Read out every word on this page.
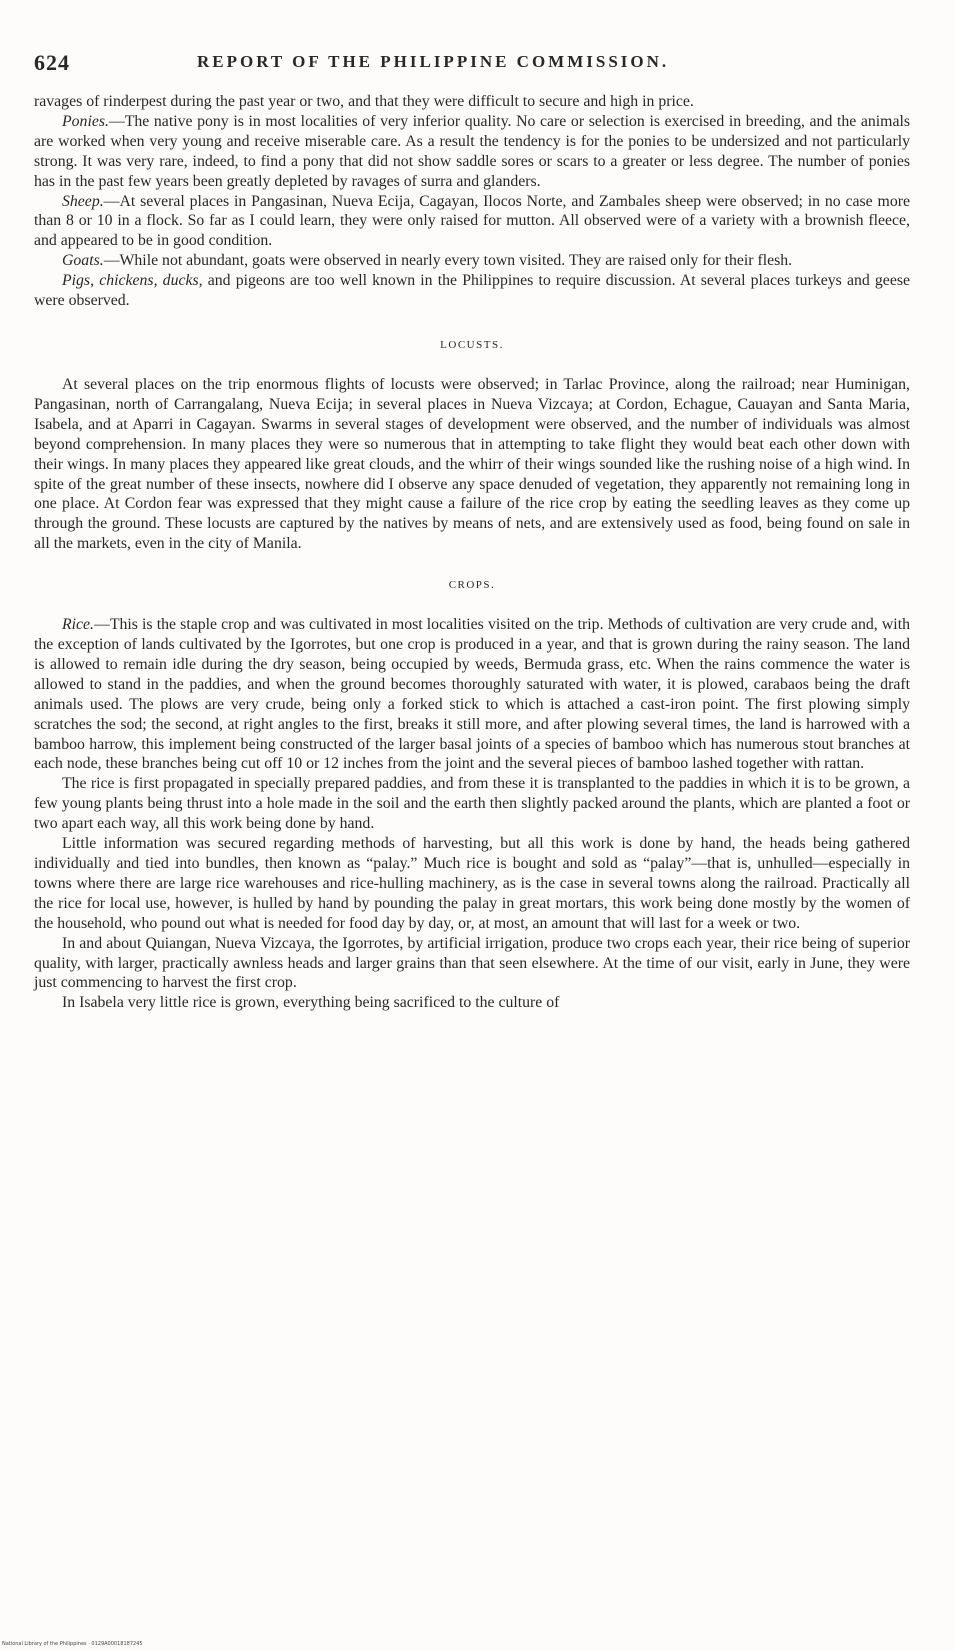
624	REPORT OF THE PHILIPPINE COMMISSION.

ravages of rinderpest during the past year or two, and that they were difficult to secure and high in price.

Ponies.—The native pony is in most localities of very inferior quality. No care or selection is exercised in breeding, and the animals are worked when very young and receive miserable care. As a result the tendency is for the ponies to be undersized and not particularly strong. It was very rare, indeed, to find a pony that did not show saddle sores or scars to a greater or less degree. The number of ponies has in the past few years been greatly depleted by ravages of surra and glanders.

Sheep.—At several places in Pangasinan, Nueva Ecija, Cagayan, Ilocos Norte, and Zambales sheep were observed; in no case more than 8 or 10 in a flock. So far as I could learn, they were only raised for mutton. All observed were of a variety with a brownish fleece, and appeared to be in good condition.

Goats.—While not abundant, goats were observed in nearly every town visited. They are raised only for their flesh.

Pigs, chickens, ducks, and pigeons are too well known in the Philippines to require discussion. At several places turkeys and geese were observed.

LOCUSTS.

At several places on the trip enormous flights of locusts were observed; in Tarlac Province, along the railroad; near Huminigan, Pangasinan, north of Carrangalang, Nueva Ecija; in several places in Nueva Vizcaya; at Cordon, Echague, Cauayan and Santa Maria, Isabela, and at Aparri in Cagayan. Swarms in several stages of development were observed, and the number of individuals was almost beyond comprehension. In many places they were so numerous that in attempting to take flight they would beat each other down with their wings. In many places they appeared like great clouds, and the whirr of their wings sounded like the rushing noise of a high wind. In spite of the great number of these insects, nowhere did I observe any space denuded of vegetation, they apparently not remaining long in one place. At Cordon fear was expressed that they might cause a failure of the rice crop by eating the seedling leaves as they come up through the ground. These locusts are captured by the natives by means of nets, and are extensively used as food, being found on sale in all the markets, even in the city of Manila.

CROPS.

Rice.—This is the staple crop and was cultivated in most localities visited on the trip. Methods of cultivation are very crude and, with the exception of lands cultivated by the Igorrotes, but one crop is produced in a year, and that is grown during the rainy season. The land is allowed to remain idle during the dry season, being occupied by weeds, Bermuda grass, etc. When the rains commence the water is allowed to stand in the paddies, and when the ground becomes thoroughly saturated with water, it is plowed, carabaos being the draft animals used. The plows are very crude, being only a forked stick to which is attached a cast-iron point. The first plowing simply scratches the sod; the second, at right angles to the first, breaks it still more, and after plowing several times, the land is harrowed with a bamboo harrow, this implement being constructed of the larger basal joints of a species of bamboo which has numerous stout branches at each node, these branches being cut off 10 or 12 inches from the joint and the several pieces of bamboo lashed together with rattan.

The rice is first propagated in specially prepared paddies, and from these it is transplanted to the paddies in which it is to be grown, a few young plants being thrust into a hole made in the soil and the earth then slightly packed around the plants, which are planted a foot or two apart each way, all this work being done by hand.

Little information was secured regarding methods of harvesting, but all this work is done by hand, the heads being gathered individually and tied into bundles, then known as “palay.” Much rice is bought and sold as “palay”—that is, unhulled—especially in towns where there are large rice warehouses and rice-hulling machinery, as is the case in several towns along the railroad. Practically all the rice for local use, however, is hulled by hand by pounding the palay in great mortars, this work being done mostly by the women of the household, who pound out what is needed for food day by day, or, at most, an amount that will last for a week or two.

In and about Quiangan, Nueva Vizcaya, the Igorrotes, by artificial irrigation, produce two crops each year, their rice being of superior quality, with larger, practically awnless heads and larger grains than that seen elsewhere. At the time of our visit, early in June, they were just commencing to harvest the first crop.

In Isabela very little rice is grown, everything being sacrificed to the culture of

National Library of the Philippines · 0129A00018187245
